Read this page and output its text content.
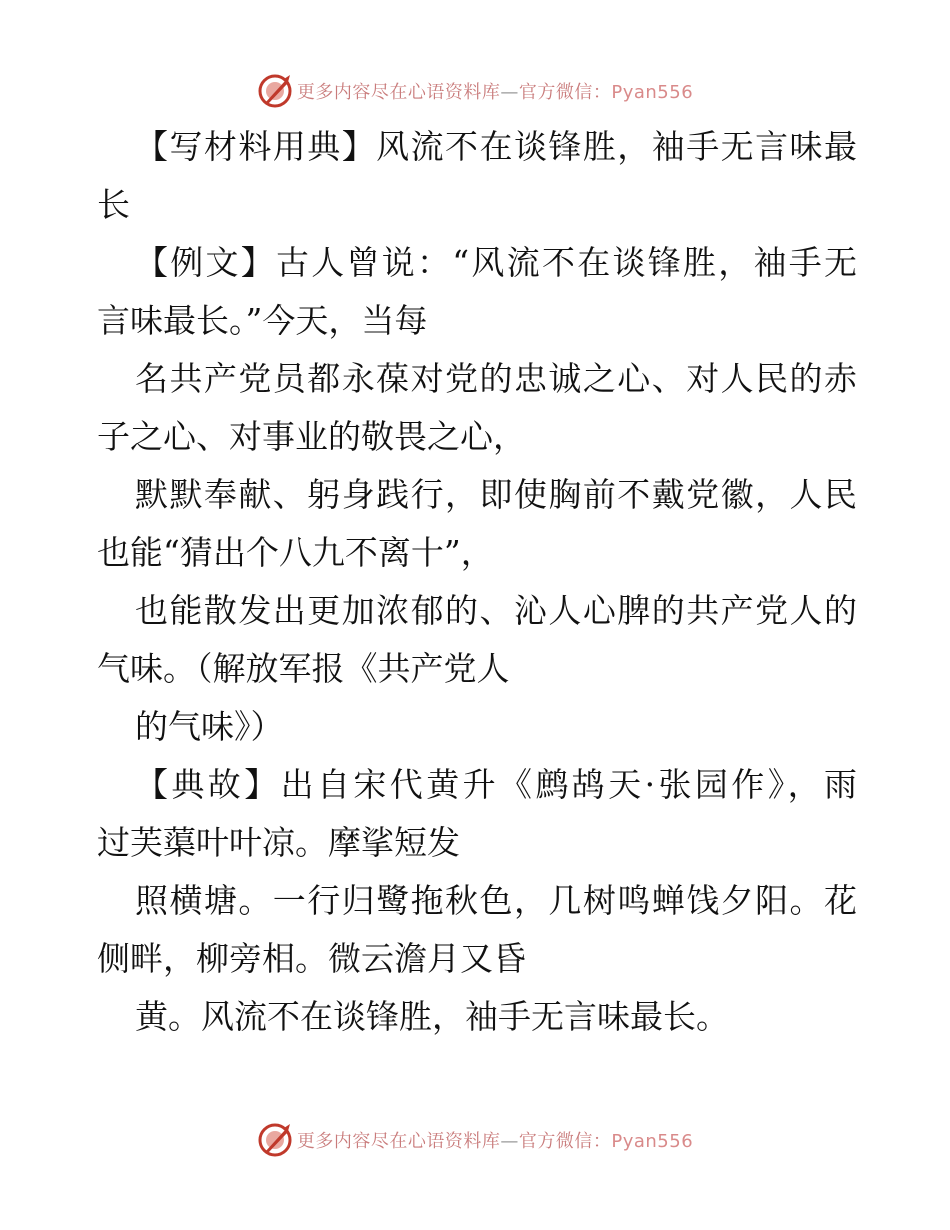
更多内容尽在心语资料库—官方微信：Pyan556
【写材料用典】风流不在谈锋胜，袖手无言味最
长
【例文】古人曾说：“风流不在谈锋胜，袖手无
言味最长。”今天，当每
名共产党员都永葆对党的忠诚之心、对人民的赤
子之心、对事业的敬畏之心，
默默奉献、躬身践行，即使胸前不戴党徽，人民
也能“猜出个八九不离十”，
也能散发出更加浓郁的、沁人心脾的共产党人的
气味。（解放军报《共产党人
的气味》）
【典故】出自宋代黄升《鹧鸪天·张园作》，雨
过芙蕖叶叶凉。摩挲短发
照横塘。一行归鹭拖秋色，几树鸣蝉饯夕阳。花
侧畔，柳旁相。微云澹月又昏
黄。风流不在谈锋胜，袖手无言味最长。
更多内容尽在心语资料库—官方微信：Pyan556
